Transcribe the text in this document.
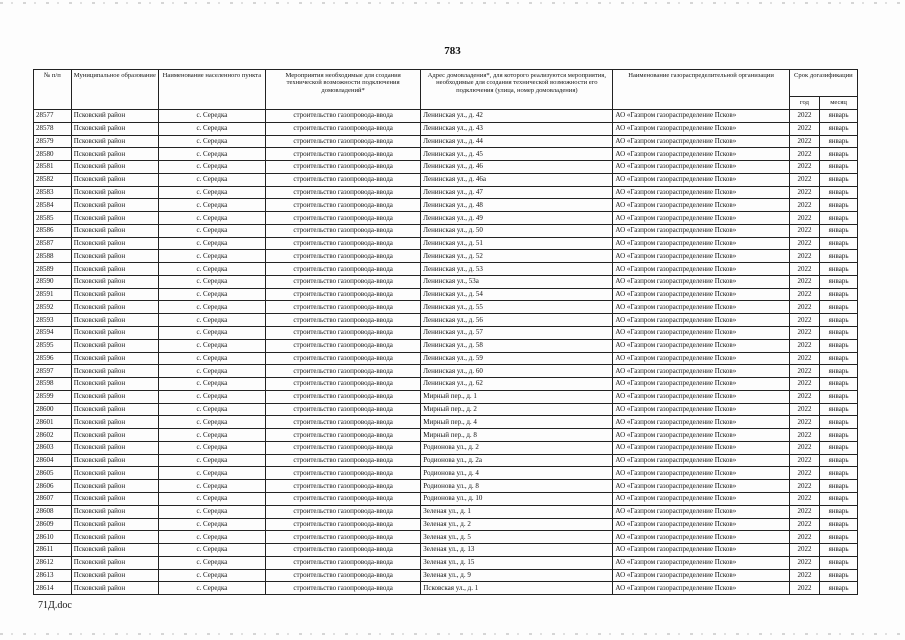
783
№ п/п	Муниципальное образование	Наименование населенного пункта	Мероприятия необходимые для создания технической возможности подключения домовладений*	Адрес домовладения*, для которого реализуются мероприятия, необходимые для создания технической возможности его подключения (улица, номер домовладения)	Наименование газораспределительной организации	Срок догазификации	
						год	месяц
28577	Псковский район	с. Середка	строительство газопровода-ввода	Ленинская ул., д. 42	АО «Газпром газораспределение Псков»	2022	январь
28578	Псковский район	с. Середка	строительство газопровода-ввода	Ленинская ул., д. 43	АО «Газпром газораспределение Псков»	2022	январь
28579	Псковский район	с. Середка	строительство газопровода-ввода	Ленинская ул., д. 44	АО «Газпром газораспределение Псков»	2022	январь
28580	Псковский район	с. Середка	строительство газопровода-ввода	Ленинская ул., д. 45	АО «Газпром газораспределение Псков»	2022	январь
28581	Псковский район	с. Середка	строительство газопровода-ввода	Ленинская ул., д. 46	АО «Газпром газораспределение Псков»	2022	январь
28582	Псковский район	с. Середка	строительство газопровода-ввода	Ленинская ул., д. 46а	АО «Газпром газораспределение Псков»	2022	январь
28583	Псковский район	с. Середка	строительство газопровода-ввода	Ленинская ул., д. 47	АО «Газпром газораспределение Псков»	2022	январь
28584	Псковский район	с. Середка	строительство газопровода-ввода	Ленинская ул., д. 48	АО «Газпром газораспределение Псков»	2022	январь
28585	Псковский район	с. Середка	строительство газопровода-ввода	Ленинская ул., д. 49	АО «Газпром газораспределение Псков»	2022	январь
28586	Псковский район	с. Середка	строительство газопровода-ввода	Ленинская ул., д. 50	АО «Газпром газораспределение Псков»	2022	январь
28587	Псковский район	с. Середка	строительство газопровода-ввода	Ленинская ул., д. 51	АО «Газпром газораспределение Псков»	2022	январь
28588	Псковский район	с. Середка	строительство газопровода-ввода	Ленинская ул., д. 52	АО «Газпром газораспределение Псков»	2022	январь
28589	Псковский район	с. Середка	строительство газопровода-ввода	Ленинская ул., д. 53	АО «Газпром газораспределение Псков»	2022	январь
28590	Псковский район	с. Середка	строительство газопровода-ввода	Ленинская ул., 53а	АО «Газпром газораспределение Псков»	2022	январь
28591	Псковский район	с. Середка	строительство газопровода-ввода	Ленинская ул., д. 54	АО «Газпром газораспределение Псков»	2022	январь
28592	Псковский район	с. Середка	строительство газопровода-ввода	Ленинская ул., д. 55	АО «Газпром газораспределение Псков»	2022	январь
28593	Псковский район	с. Середка	строительство газопровода-ввода	Ленинская ул., д. 56	АО «Газпром газораспределение Псков»	2022	январь
28594	Псковский район	с. Середка	строительство газопровода-ввода	Ленинская ул., д. 57	АО «Газпром газораспределение Псков»	2022	январь
28595	Псковский район	с. Середка	строительство газопровода-ввода	Ленинская ул., д. 58	АО «Газпром газораспределение Псков»	2022	январь
28596	Псковский район	с. Середка	строительство газопровода-ввода	Ленинская ул., д. 59	АО «Газпром газораспределение Псков»	2022	январь
28597	Псковский район	с. Середка	строительство газопровода-ввода	Ленинская ул., д. 60	АО «Газпром газораспределение Псков»	2022	январь
28598	Псковский район	с. Середка	строительство газопровода-ввода	Ленинская ул., д. 62	АО «Газпром газораспределение Псков»	2022	январь
28599	Псковский район	с. Середка	строительство газопровода-ввода	Мирный пер., д. 1	АО «Газпром газораспределение Псков»	2022	январь
28600	Псковский район	с. Середка	строительство газопровода-ввода	Мирный пер., д. 2	АО «Газпром газораспределение Псков»	2022	январь
28601	Псковский район	с. Середка	строительство газопровода-ввода	Мирный пер., д. 4	АО «Газпром газораспределение Псков»	2022	январь
28602	Псковский район	с. Середка	строительство газопровода-ввода	Мирный пер., д. 8	АО «Газпром газораспределение Псков»	2022	январь
28603	Псковский район	с. Середка	строительство газопровода-ввода	Родионова ул., д. 2	АО «Газпром газораспределение Псков»	2022	январь
28604	Псковский район	с. Середка	строительство газопровода-ввода	Родионова ул., д. 2а	АО «Газпром газораспределение Псков»	2022	январь
28605	Псковский район	с. Середка	строительство газопровода-ввода	Родионова ул., д. 4	АО «Газпром газораспределение Псков»	2022	январь
28606	Псковский район	с. Середка	строительство газопровода-ввода	Родионова ул., д. 8	АО «Газпром газораспределение Псков»	2022	январь
28607	Псковский район	с. Середка	строительство газопровода-ввода	Родионова ул., д. 10	АО «Газпром газораспределение Псков»	2022	январь
28608	Псковский район	с. Середка	строительство газопровода-ввода	Зеленая ул., д. 1	АО «Газпром газораспределение Псков»	2022	январь
28609	Псковский район	с. Середка	строительство газопровода-ввода	Зеленая ул., д. 2	АО «Газпром газораспределение Псков»	2022	январь
28610	Псковский район	с. Середка	строительство газопровода-ввода	Зеленая ул., д. 5	АО «Газпром газораспределение Псков»	2022	январь
28611	Псковский район	с. Середка	строительство газопровода-ввода	Зеленая ул., д. 13	АО «Газпром газораспределение Псков»	2022	январь
28612	Псковский район	с. Середка	строительство газопровода-ввода	Зеленая ул., д. 15	АО «Газпром газораспределение Псков»	2022	январь
28613	Псковский район	с. Середка	строительство газопровода-ввода	Зеленая ул., д. 9	АО «Газпром газораспределение Псков»	2022	январь
28614	Псковский район	с. Середка	строительство газопровода-ввода	Псковская ул., д. 1	АО «Газпром газораспределение Псков»	2022	январь
71Д.doc
